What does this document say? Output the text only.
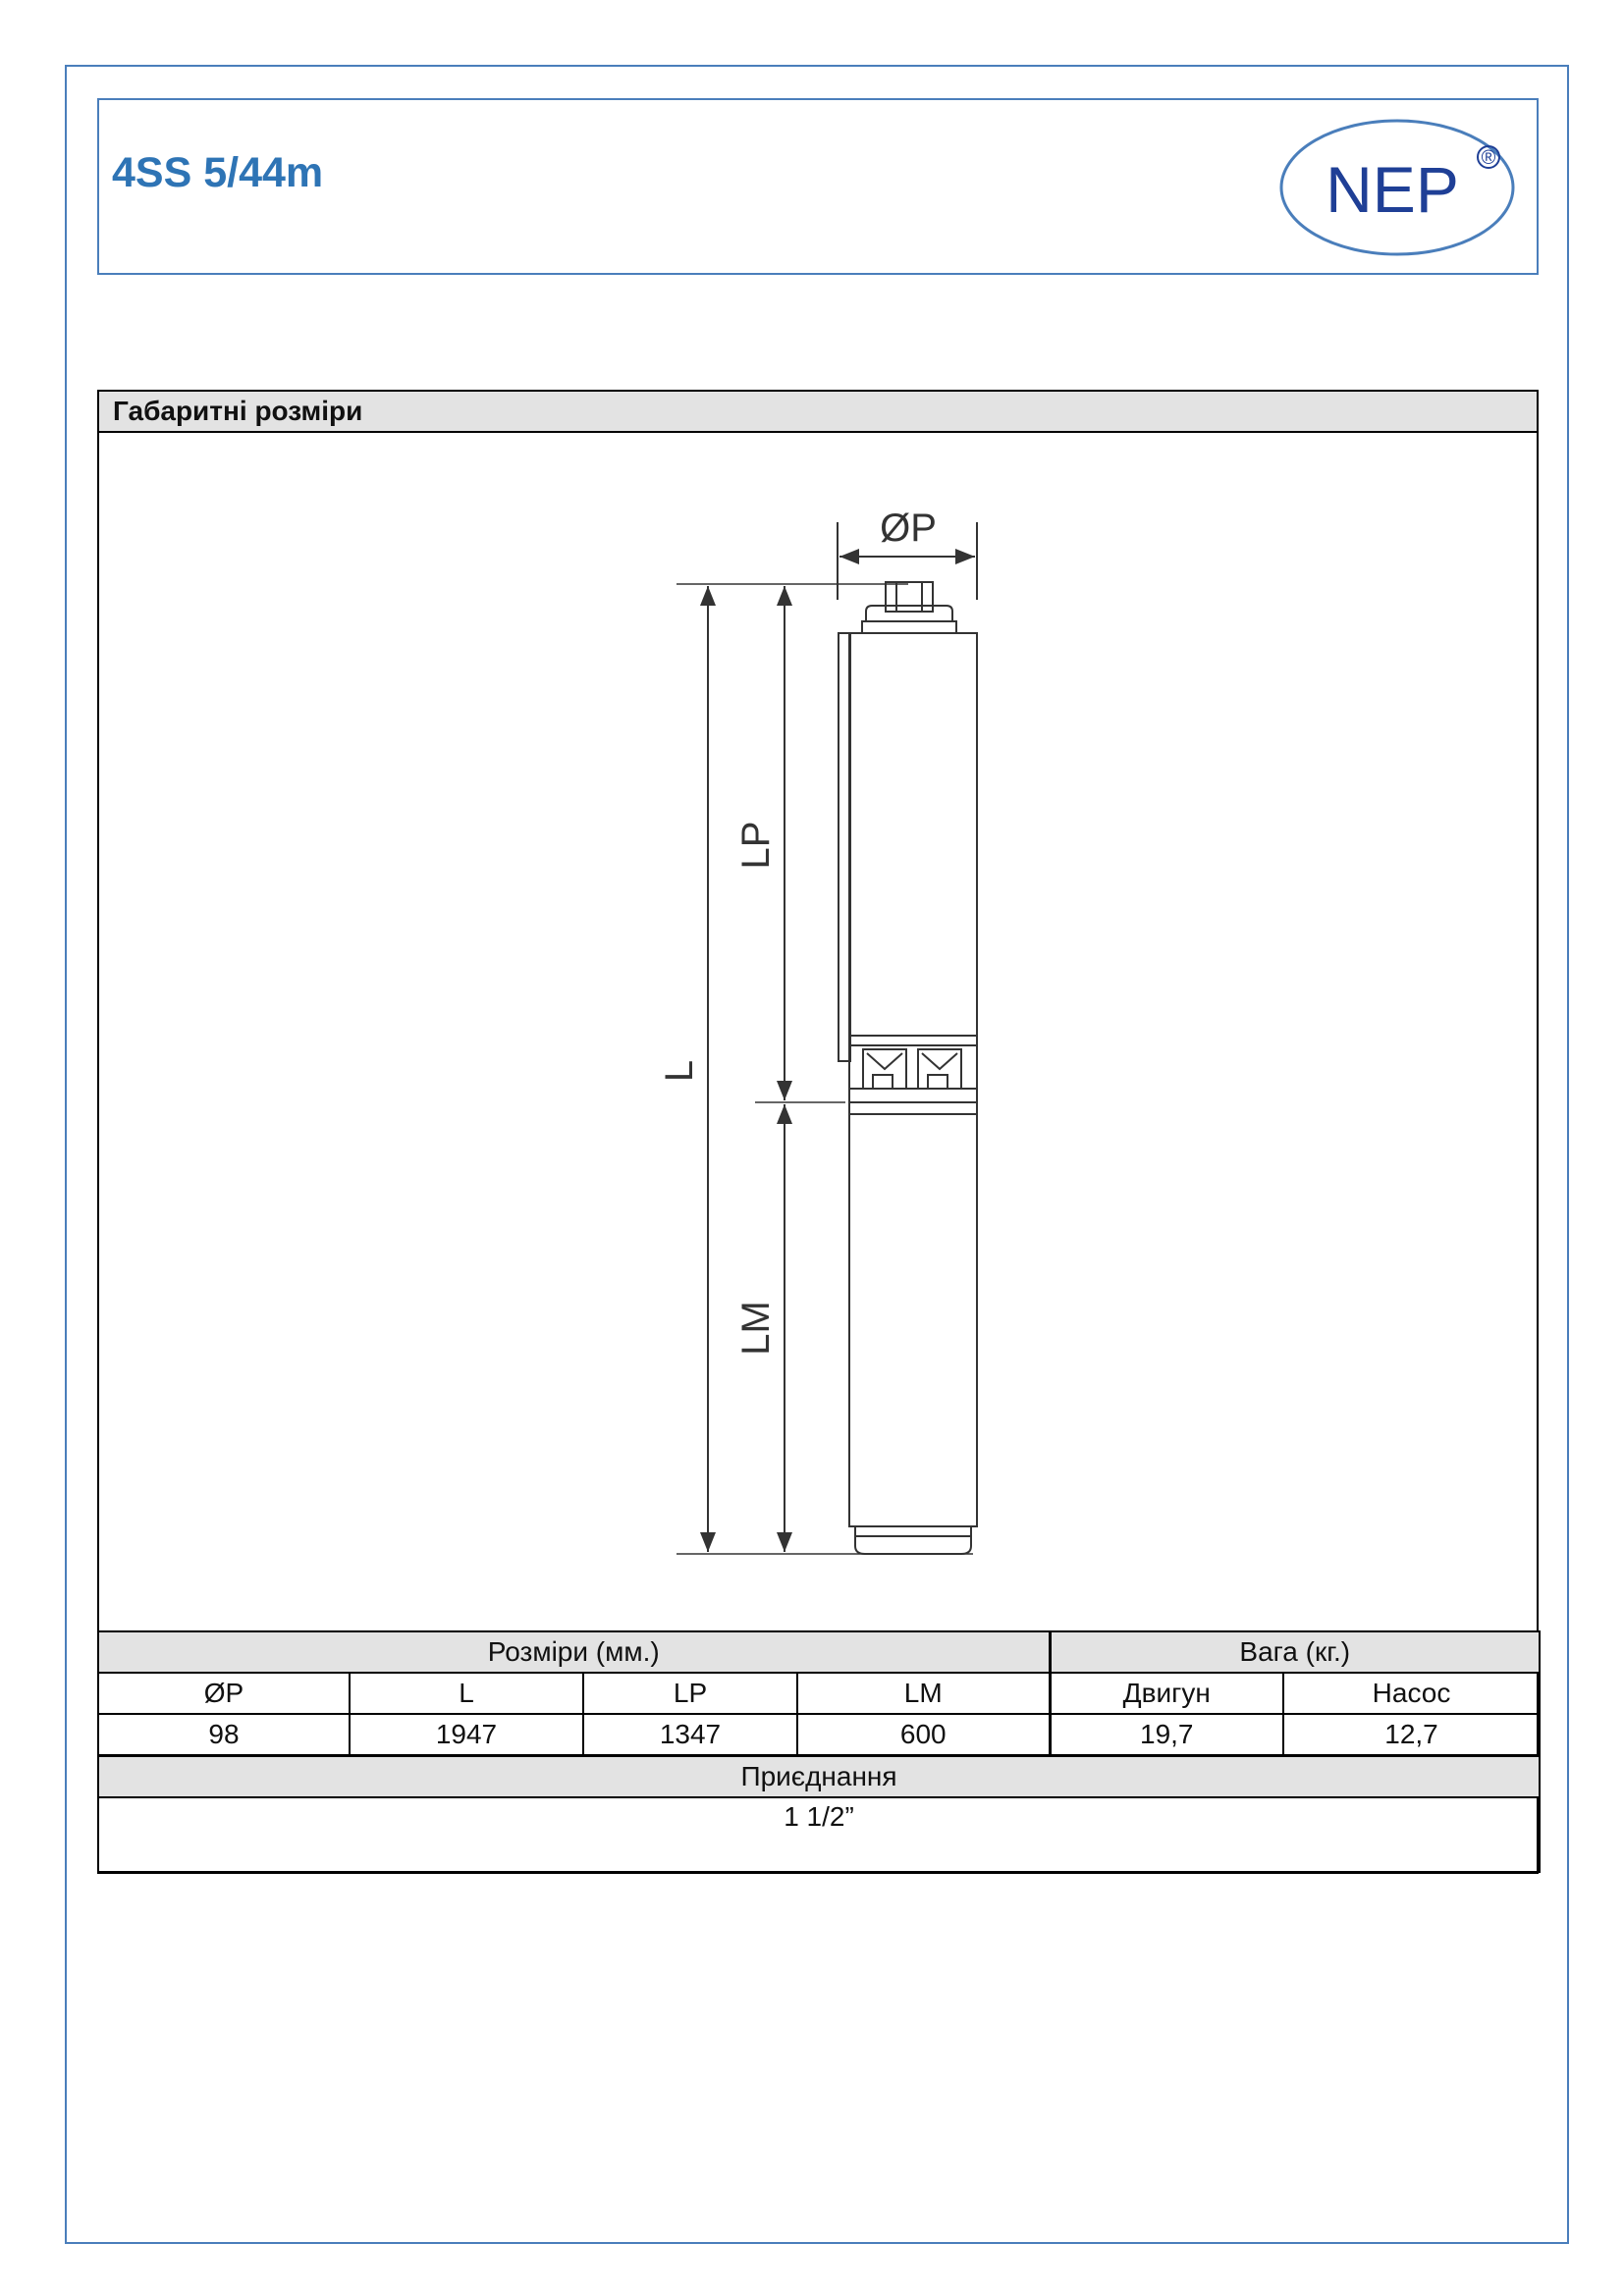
4SS 5/44m	NEP ®
Габаритні розміри
ØP
L
LP
LM
Розміри (мм.)				Вага (кг.)	
ØP	L	LP	LM	Двигун	Насос
98	1947	1347	600	19,7	12,7
Приєднання					
1 1/2”					
